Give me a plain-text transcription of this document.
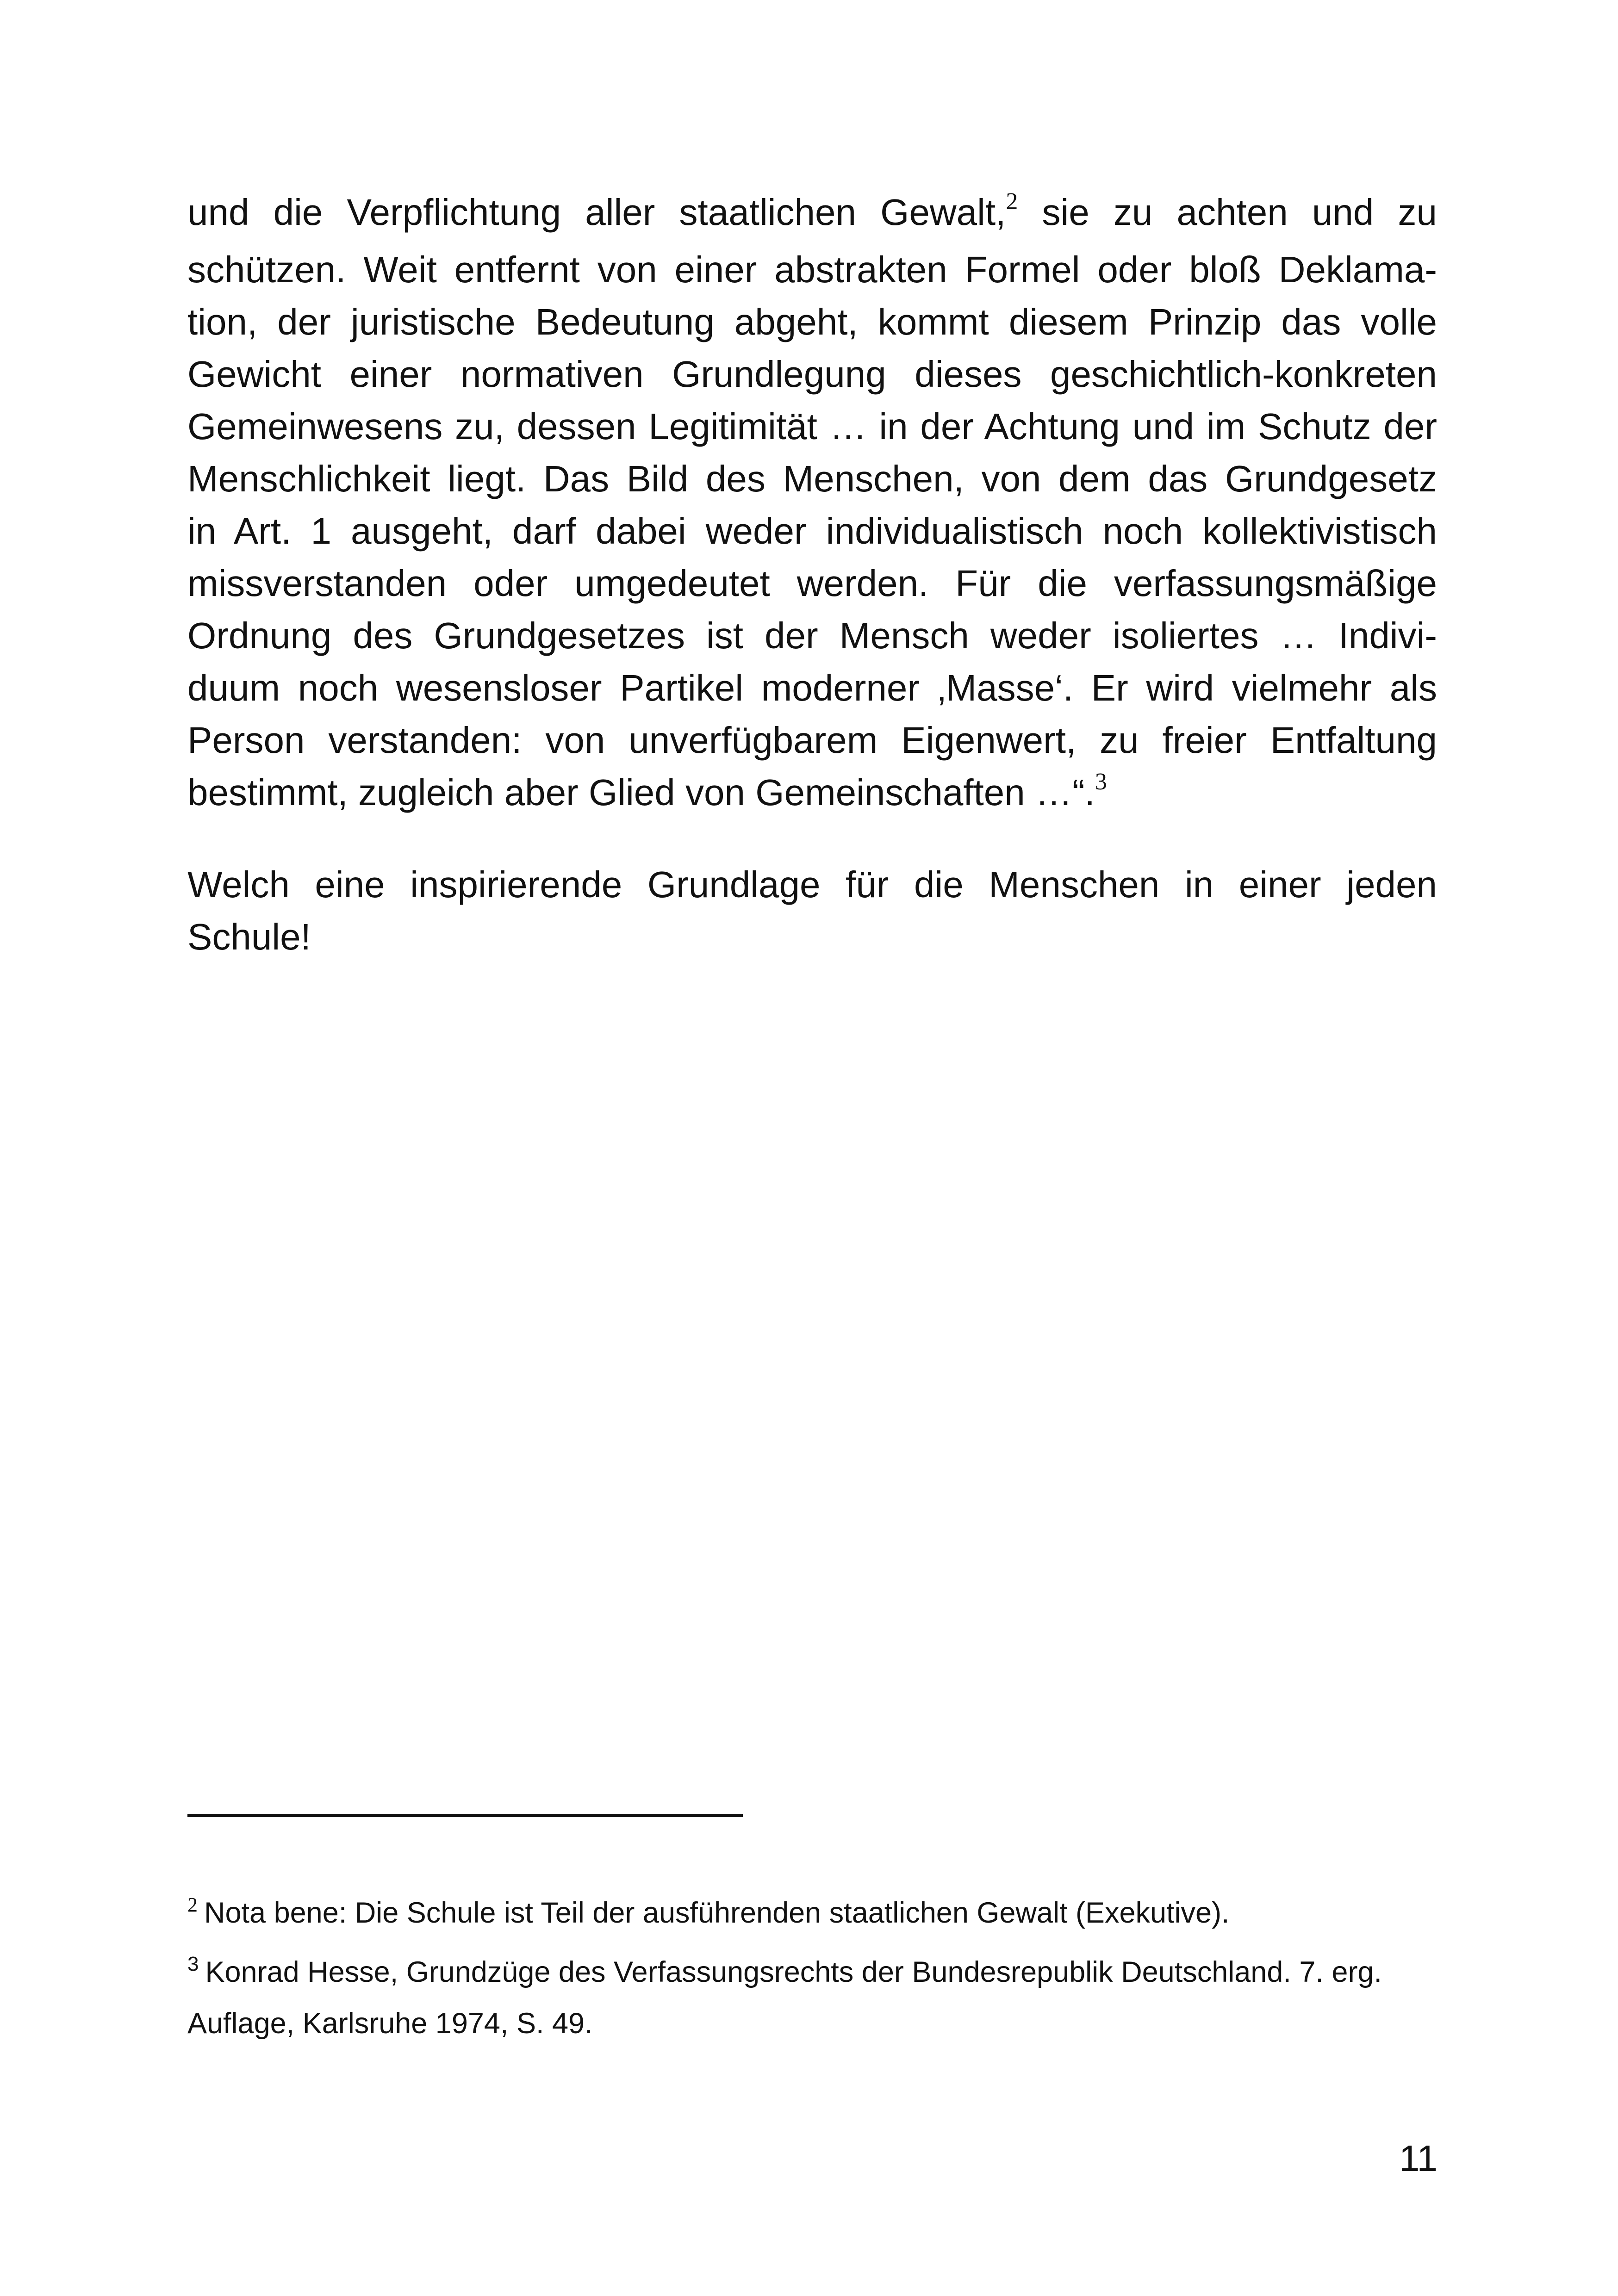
und die Verpflichtung aller staatlichen Gewalt,$^2$ sie zu achten und zu
schützen. Weit entfernt von einer abstrakten Formel oder bloß Deklama-
tion, der juristische Bedeutung abgeht, kommt diesem Prinzip das volle
Gewicht einer normativen Grundlegung dieses geschichtlich-konkreten
Gemeinwesens zu, dessen Legitimität … in der Achtung und im Schutz der
Menschlichkeit liegt. Das Bild des Menschen, von dem das Grundgesetz
in Art. 1 ausgeht, darf dabei weder individualistisch noch kollektivistisch
missverstanden oder umgedeutet werden. Für die verfassungsmäßige
Ordnung des Grundgesetzes ist der Mensch weder isoliertes … Indivi-
duum noch wesensloser Partikel moderner ‚Masse‘. Er wird vielmehr als
Person verstanden: von unverfügbarem Eigenwert, zu freier Entfaltung
bestimmt, zugleich aber Glied von Gemeinschaften …“.$^3$

Welch eine inspirierende Grundlage für die Menschen in einer jeden
Schule!

$^2$ Nota bene: Die Schule ist Teil der ausführenden staatlichen Gewalt (Exekutive).

$^3$ Konrad Hesse, Grundzüge des Verfassungsrechts der Bundesrepublik Deutschland. 7. erg.
Auflage, Karlsruhe 1974, S. 49.

11
